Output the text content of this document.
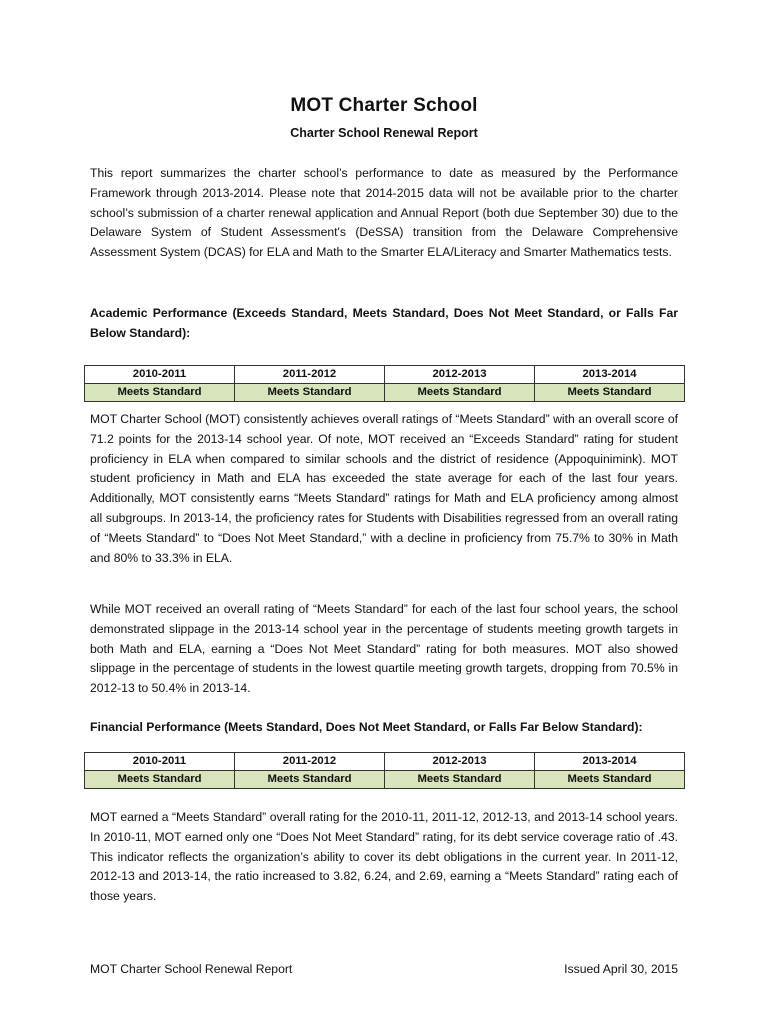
MOT Charter School
Charter School Renewal Report

This report summarizes the charter school’s performance to date as measured by the Performance Framework through 2013-2014. Please note that 2014-2015 data will not be available prior to the charter school’s submission of a charter renewal application and Annual Report (both due September 30) due to the Delaware System of Student Assessment's (DeSSA) transition from the Delaware Comprehensive Assessment System (DCAS) for ELA and Math to the Smarter ELA/Literacy and Smarter Mathematics tests.

Academic Performance (Exceeds Standard, Meets Standard, Does Not Meet Standard, or Falls Far Below Standard):

2010-2011	2011-2012	2012-2013	2013-2014
Meets Standard	Meets Standard	Meets Standard	Meets Standard

MOT Charter School (MOT) consistently achieves overall ratings of “Meets Standard” with an overall score of 71.2 points for the 2013-14 school year. Of note, MOT received an “Exceeds Standard” rating for student proficiency in ELA when compared to similar schools and the district of residence (Appoquinimink). MOT student proficiency in Math and ELA has exceeded the state average for each of the last four years. Additionally, MOT consistently earns “Meets Standard” ratings for Math and ELA proficiency among almost all subgroups. In 2013-14, the proficiency rates for Students with Disabilities regressed from an overall rating of “Meets Standard” to “Does Not Meet Standard,” with a decline in proficiency from 75.7% to 30% in Math and 80% to 33.3% in ELA.

While MOT received an overall rating of “Meets Standard” for each of the last four school years, the school demonstrated slippage in the 2013-14 school year in the percentage of students meeting growth targets in both Math and ELA, earning a “Does Not Meet Standard” rating for both measures. MOT also showed slippage in the percentage of students in the lowest quartile meeting growth targets, dropping from 70.5% in 2012-13 to 50.4% in 2013-14.

Financial Performance (Meets Standard, Does Not Meet Standard, or Falls Far Below Standard):

2010-2011	2011-2012	2012-2013	2013-2014
Meets Standard	Meets Standard	Meets Standard	Meets Standard

MOT earned a “Meets Standard” overall rating for the 2010-11, 2011-12, 2012-13, and 2013-14 school years. In 2010-11, MOT earned only one “Does Not Meet Standard” rating, for its debt service coverage ratio of .43. This indicator reflects the organization’s ability to cover its debt obligations in the current year. In 2011-12, 2012-13 and 2013-14, the ratio increased to 3.82, 6.24, and 2.69, earning a “Meets Standard” rating each of those years.

MOT Charter School Renewal Report	Issued April 30, 2015
